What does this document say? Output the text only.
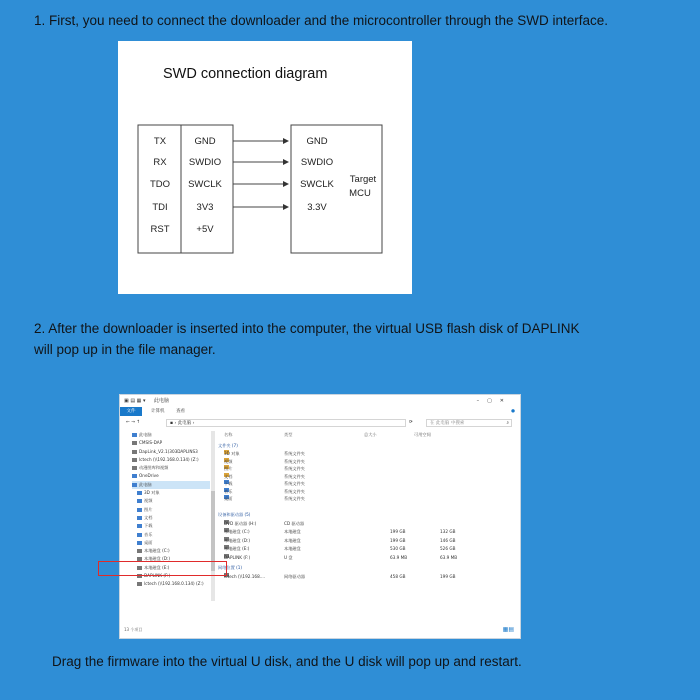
1. First, you need to connect the downloader and the microcontroller through the SWD interface.

SWD connection diagram
TX
RX
TDO
TDI
RST
GND
SWDIO
SWCLK
3V3
+5V
GND
SWDIO
SWCLK
3.3V
Target
MCU

2. After the downloader is inserted into the computer, the virtual USB flash disk of DAPLINK
will pop up in the file manager.

▣ ▤ ▦ ▾ 此电脑	–▢✕
文件	计算机	查看	●
← → ↑	▪ › 此电脑 ›	⟳	在 此电脑 中搜索	⌕
此电脑
CMSIS-DAP
DapLink_V2.1(303DAPLINS3
lctech (\\192.168.0.134) (Z:)
动漫图库和视频
OneDrive
此电脑
3D 对象
视频
图片
文档
下载
音乐
桌面
本地磁盘 (C:)
本地磁盘 (D:)
本地磁盘 (E:)
DAPLINK (F:)
lctech (\\192.168.0.134) (Z:)
名称	类型	总大小	可用空间
文件夹 (7)
3D 对象	系统文件夹
视频	系统文件夹
图片	系统文件夹
文档	系统文件夹
下载	系统文件夹
音乐	系统文件夹
桌面	系统文件夹
设备和驱动器 (5)
DVD 驱动器 (H:)	CD 驱动器
本地磁盘 (C:)	本地磁盘	199 GB	132 GB
本地磁盘 (D:)	本地磁盘	199 GB	146 GB
本地磁盘 (E:)	本地磁盘	530 GB	526 GB
DAPLINK (F:)	U 盘	63.9 MB	63.9 MB
网络位置 (1)
lctech (\\192.168....	网络驱动器	458 GB	199 GB
13 个项目	▦▤
Drag the firmware into the virtual U disk, and the U disk will pop up and restart.
